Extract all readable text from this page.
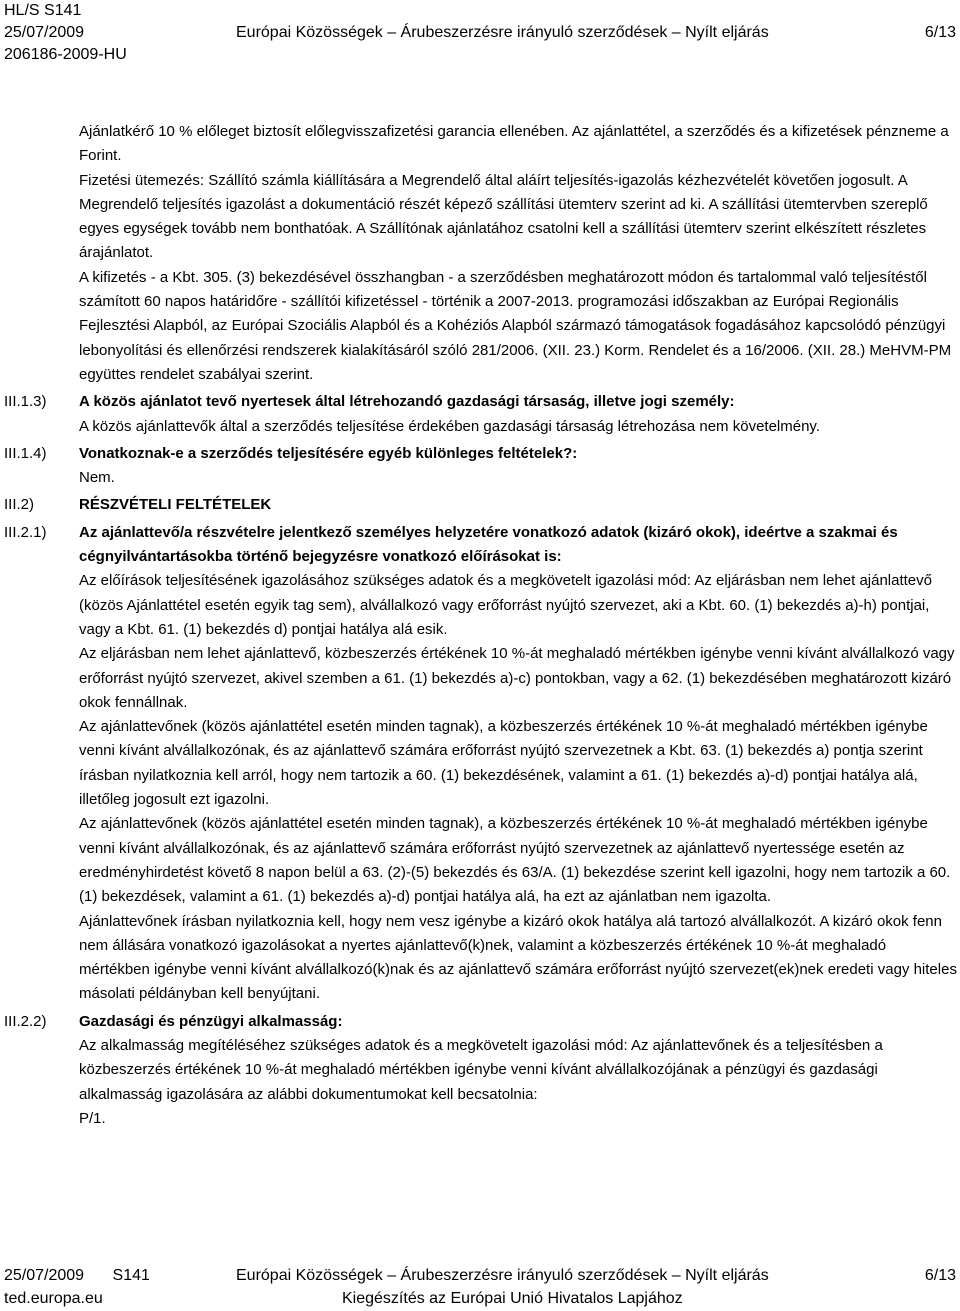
HL/S S141
25/07/2009	Európai Közösségek – Árubeszerzésre irányuló szerződések – Nyílt eljárás	6/13
206186-2009-HU

Ajánlatkérő 10 % előleget biztosít előlegvisszafizetési garancia ellenében. Az ajánlattétel, a szerződés és a kifizetések pénzneme a Forint.

Fizetési ütemezés: Szállító számla kiállítására a Megrendelő által aláírt teljesítés-igazolás kézhezvételét követően jogosult. A Megrendelő teljesítés igazolást a dokumentáció részét képező szállítási ütemterv szerint ad ki. A szállítási ütemtervben szereplő egyes egységek tovább nem bonthatóak. A Szállítónak ajánlatához csatolni kell a szállítási ütemterv szerint elkészített részletes árajánlatot.

A kifizetés - a Kbt. 305. (3) bekezdésével összhangban - a szerződésben meghatározott módon és tartalommal való teljesítéstől számított 60 napos határidőre - szállítói kifizetéssel - történik a 2007-2013. programozási időszakban az Európai Regionális Fejlesztési Alapból, az Európai Szociális Alapból és a Kohéziós Alapból származó támogatások fogadásához kapcsolódó pénzügyi lebonyolítási és ellenőrzési rendszerek kialakításáról szóló 281/2006. (XII. 23.) Korm. Rendelet és a 16/2006. (XII. 28.) MeHVM-PM együttes rendelet szabályai szerint.

III.1.3)	A közös ajánlatot tevő nyertesek által létrehozandó gazdasági társaság, illetve jogi személy:

A közös ajánlattevők által a szerződés teljesítése érdekében gazdasági társaság létrehozása nem követelmény.

III.1.4)	Vonatkoznak-e a szerződés teljesítésére egyéb különleges feltételek?:

Nem.

III.2)	RÉSZVÉTELI FELTÉTELEK

III.2.1)	Az ajánlattevő/a részvételre jelentkező személyes helyzetére vonatkozó adatok (kizáró okok), ideértve a szakmai és cégnyilvántartásokba történő bejegyzésre vonatkozó előírásokat is:

Az előírások teljesítésének igazolásához szükséges adatok és a megkövetelt igazolási mód: Az eljárásban nem lehet ajánlattevő (közös Ajánlattétel esetén egyik tag sem), alvállalkozó vagy erőforrást nyújtó szervezet, aki a Kbt. 60. (1) bekezdés a)-h) pontjai, vagy a Kbt. 61. (1) bekezdés d) pontjai hatálya alá esik.

Az eljárásban nem lehet ajánlattevő, közbeszerzés értékének 10 %-át meghaladó mértékben igénybe venni kívánt alvállalkozó vagy erőforrást nyújtó szervezet, akivel szemben a 61. (1) bekezdés a)-c) pontokban, vagy a 62. (1) bekezdésében meghatározott kizáró okok fennállnak.

Az ajánlattevőnek (közös ajánlattétel esetén minden tagnak), a közbeszerzés értékének 10 %-át meghaladó mértékben igénybe venni kívánt alvállalkozónak, és az ajánlattevő számára erőforrást nyújtó szervezetnek a Kbt. 63. (1) bekezdés a) pontja szerint írásban nyilatkoznia kell arról, hogy nem tartozik a 60. (1) bekezdésének, valamint a 61. (1) bekezdés a)-d) pontjai hatálya alá, illetőleg jogosult ezt igazolni.

Az ajánlattevőnek (közös ajánlattétel esetén minden tagnak), a közbeszerzés értékének 10 %-át meghaladó mértékben igénybe venni kívánt alvállalkozónak, és az ajánlattevő számára erőforrást nyújtó szervezetnek az ajánlattevő nyertessége esetén az eredményhirdetést követő 8 napon belül a 63. (2)-(5) bekezdés és 63/A. (1) bekezdése szerint kell igazolni, hogy nem tartozik a 60. (1) bekezdések, valamint a 61. (1) bekezdés a)-d) pontjai hatálya alá, ha ezt az ajánlatban nem igazolta.

Ajánlattevőnek írásban nyilatkoznia kell, hogy nem vesz igénybe a kizáró okok hatálya alá tartozó alvállalkozót. A kizáró okok fenn nem állására vonatkozó igazolásokat a nyertes ajánlattevő(k)nek, valamint a közbeszerzés értékének 10 %-át meghaladó mértékben igénybe venni kívánt alvállalkozó(k)nak és az ajánlattevő számára erőforrást nyújtó szervezet(ek)nek eredeti vagy hiteles másolati példányban kell benyújtani.

III.2.2)	Gazdasági és pénzügyi alkalmasság:

Az alkalmasság megítéléséhez szükséges adatok és a megkövetelt igazolási mód: Az ajánlattevőnek és a teljesítésben a közbeszerzés értékének 10 %-át meghaladó mértékben igénybe venni kívánt alvállalkozójának a pénzügyi és gazdasági alkalmasság igazolására az alábbi dokumentumokat kell becsatolnia:

P/1.

25/07/2009 S141	Európai Közösségek – Árubeszerzésre irányuló szerződések – Nyílt eljárás	6/13
ted.europa.eu	Kiegészítés az Európai Unió Hivatalos Lapjához
